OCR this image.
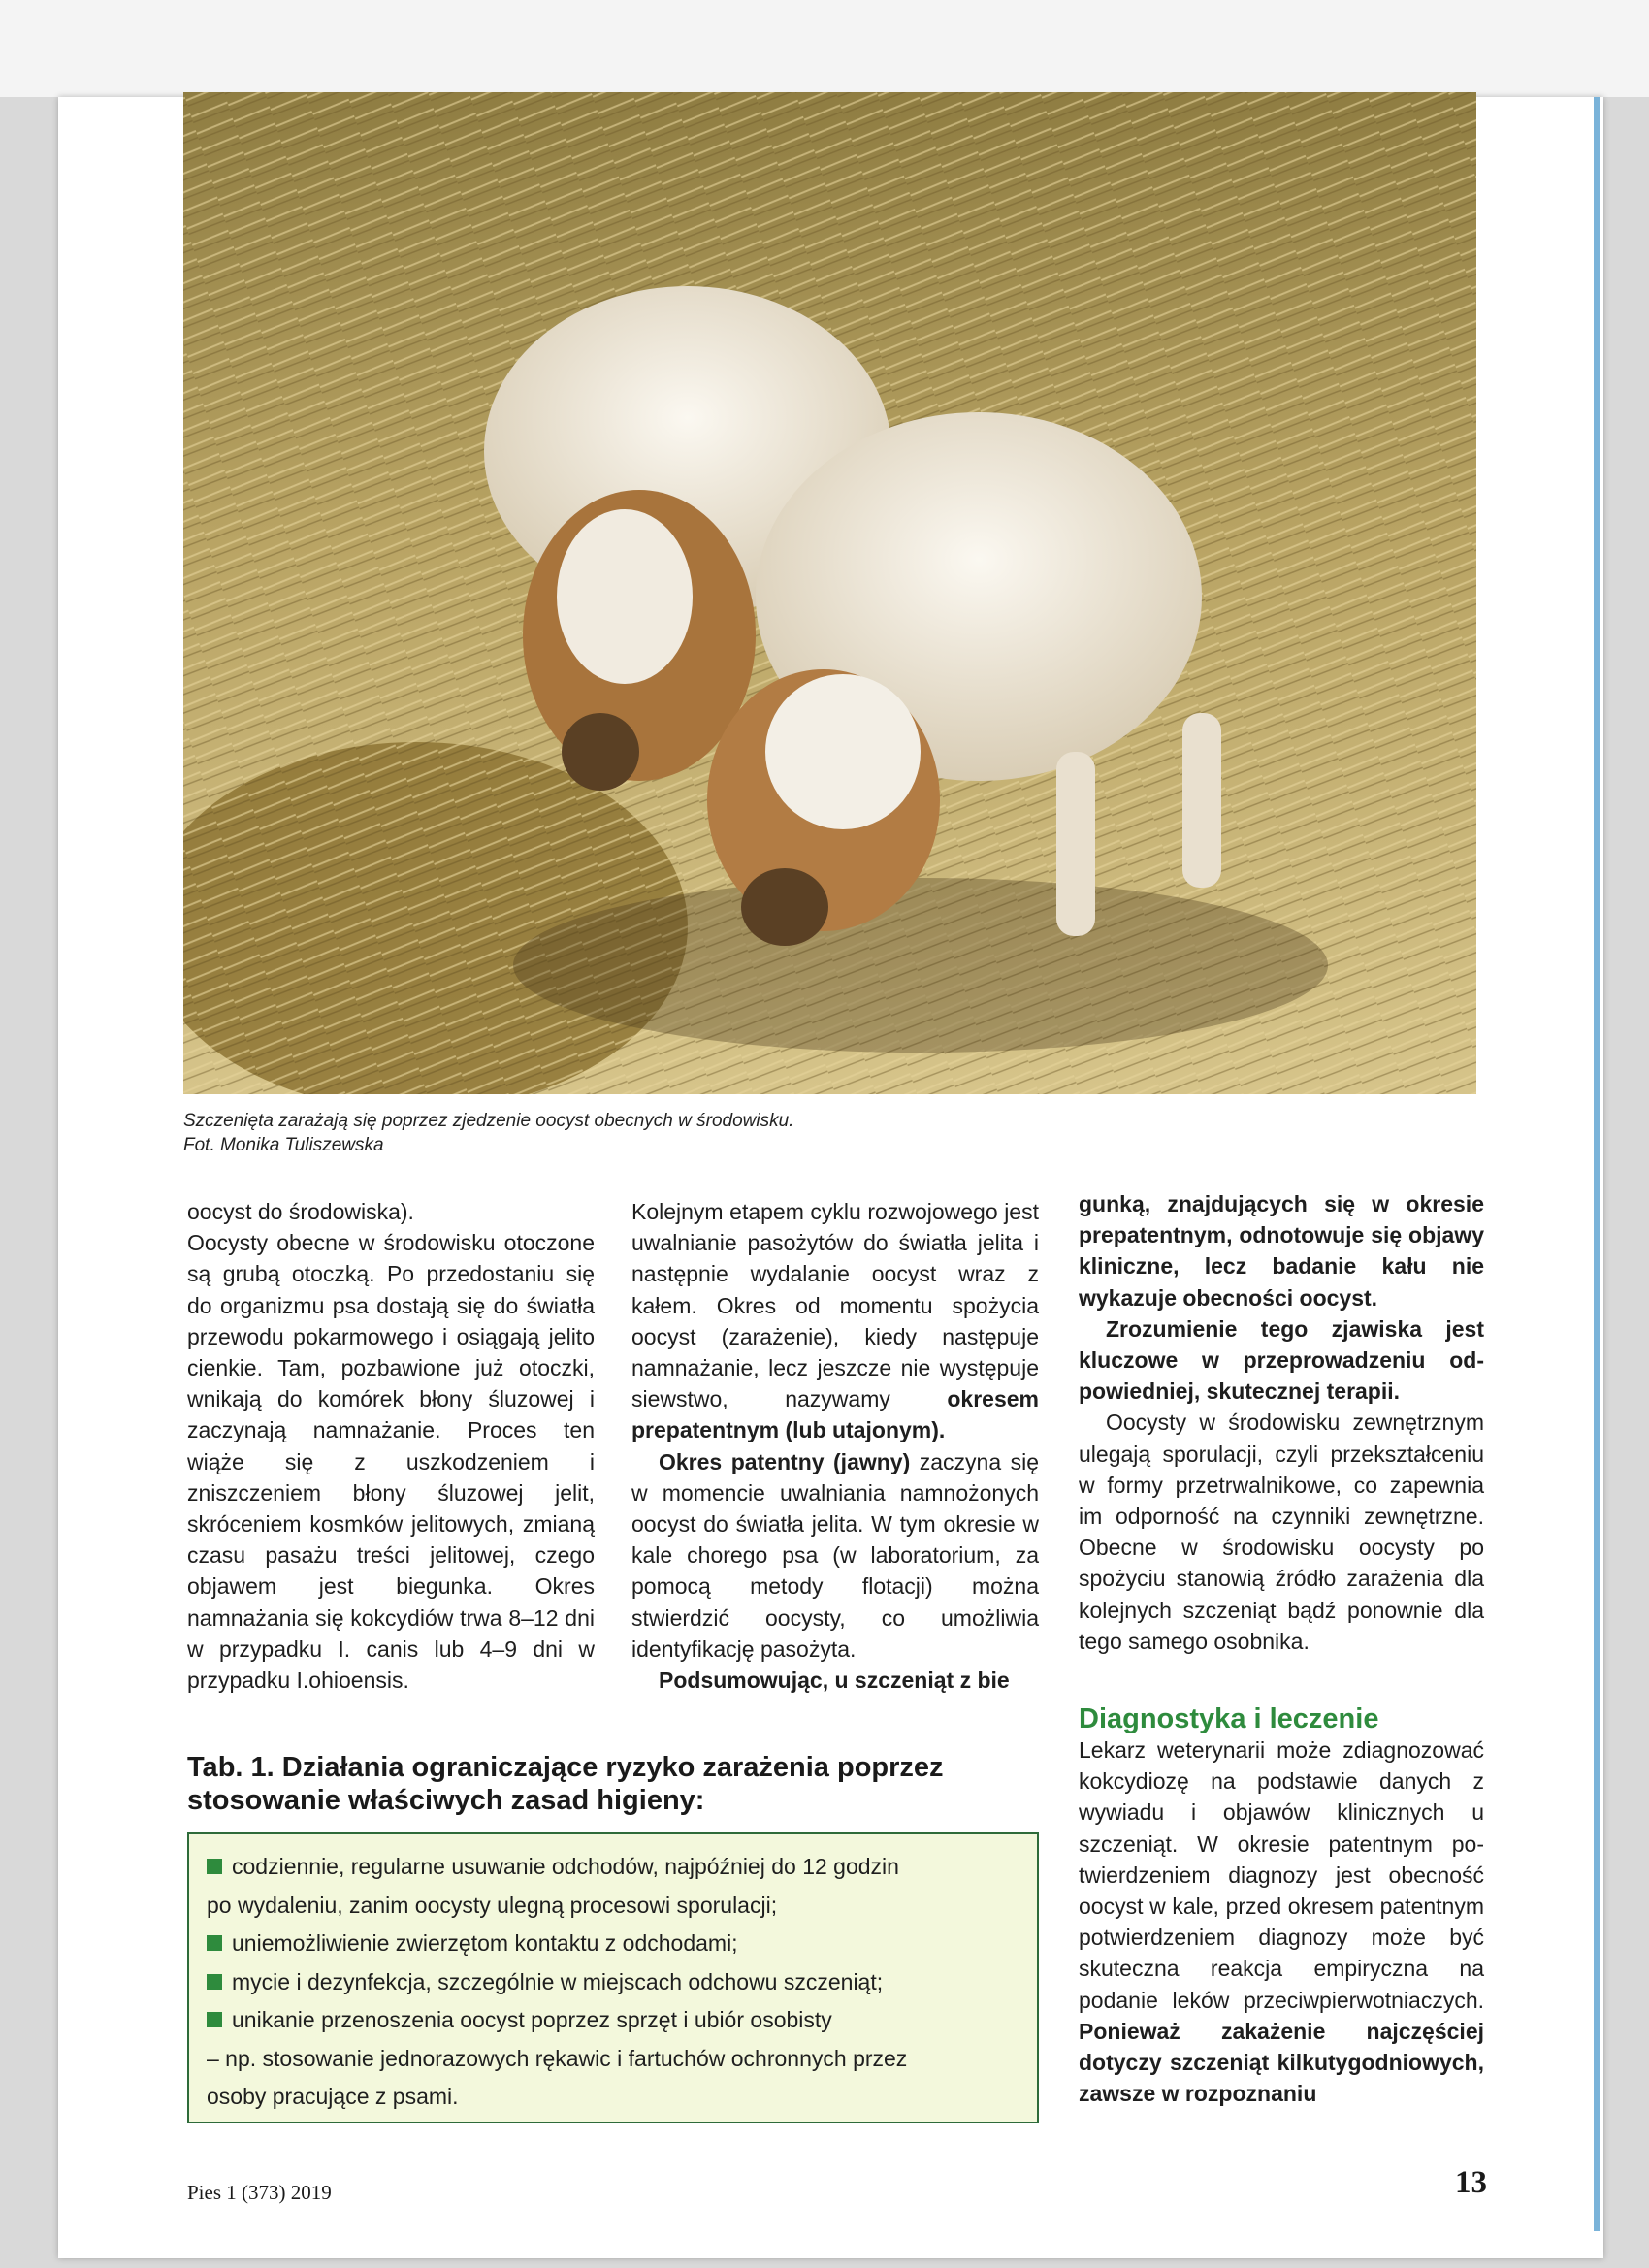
Szczenięta zarażają się poprzez zjedzenie oocyst obecnych w środowisku.
Fot. Monika Tuliszewska

oocyst do środowiska).

Oocysty obecne w środowisku otoczone są grubą otoczką. Po przedostaniu się do organizmu psa dostają się do światła przewodu pokarmowego i osiągają jelito cienkie. Tam, pozbawione już otoczki, wnikają do komórek błony śluzowej i zaczynają namnażanie. Proces ten wiąże się z uszkodzeniem i zniszczeniem błony śluzowej jelit, skróceniem kosmków jelitowych, zmianą czasu pasażu treści jelitowej, czego objawem jest biegunka. Okres namnażania się kokcydiów trwa 8–12 dni w przypadku I. canis lub 4–9 dni w przypadku I.ohioensis.

Kolejnym etapem cyklu rozwojowego jest uwalnianie pasożytów do światła jelita i następnie wydalanie oocyst wraz z kałem. Okres od momentu spożycia oocyst (zarażenie), kiedy następuje namnażanie, lecz jeszcze nie występuje siewstwo, nazywamy okresem prepatentnym (lub utajonym).

Okres patentny (jawny) zaczyna się w momencie uwalniania namnożonych oocyst do światła jelita. W tym okresie w kale chorego psa (w laboratorium, za pomocą metody flotacji) można stwierdzić oocysty, co umożliwia identyfikację pasożyta.

Podsumowując, u szczeniąt z bie

gunką, znajdujących się w okresie prepatentnym, odnotowuje się objawy kliniczne, lecz badanie kału nie wykazuje obecności oocyst.

Zrozumienie tego zjawiska jest kluczowe w przeprowadzeniu odpowiedniej, skutecznej terapii.

Oocysty w środowisku zewnętrznym ulegają sporulacji, czyli przekształceniu w formy przetrwalnikowe, co zapewnia im odporność na czynniki zewnętrzne. Obecne w środowisku oocysty po spożyciu stanowią źródło zarażenia dla kolejnych szczeniąt bądź ponownie dla tego samego osobnika.

Diagnostyka i leczenie

Lekarz weterynarii może zdiagnozować kokcydiozę na podstawie danych z wywiadu i objawów klinicznych u szczeniąt. W okresie patentnym potwierdzeniem diagnozy jest obecność oocyst w kale, przed okresem patentnym potwierdzeniem diagnozy może być skuteczna reakcja empiryczna na podanie leków przeciwpierwotniaczych. Ponieważ zakażenie najczęściej dotyczy szczeniąt kilkutygodniowych, zawsze w rozpoznaniu

Tab. 1. Działania ograniczające ryzyko zarażenia poprzez
stosowanie właściwych zasad higieny:
codziennie, regularne usuwanie odchodów, najpóźniej do 12 godzin
po wydaleniu, zanim oocysty ulegną procesowi sporulacji;
uniemożliwienie zwierzętom kontaktu z odchodami;
mycie i dezynfekcja, szczególnie w miejscach odchowu szczeniąt;
unikanie przenoszenia oocyst poprzez sprzęt i ubiór osobisty
– np. stosowanie jednorazowych rękawic i fartuchów ochronnych przez
osoby pracujące z psami.
Pies 1 (373) 2019	13
